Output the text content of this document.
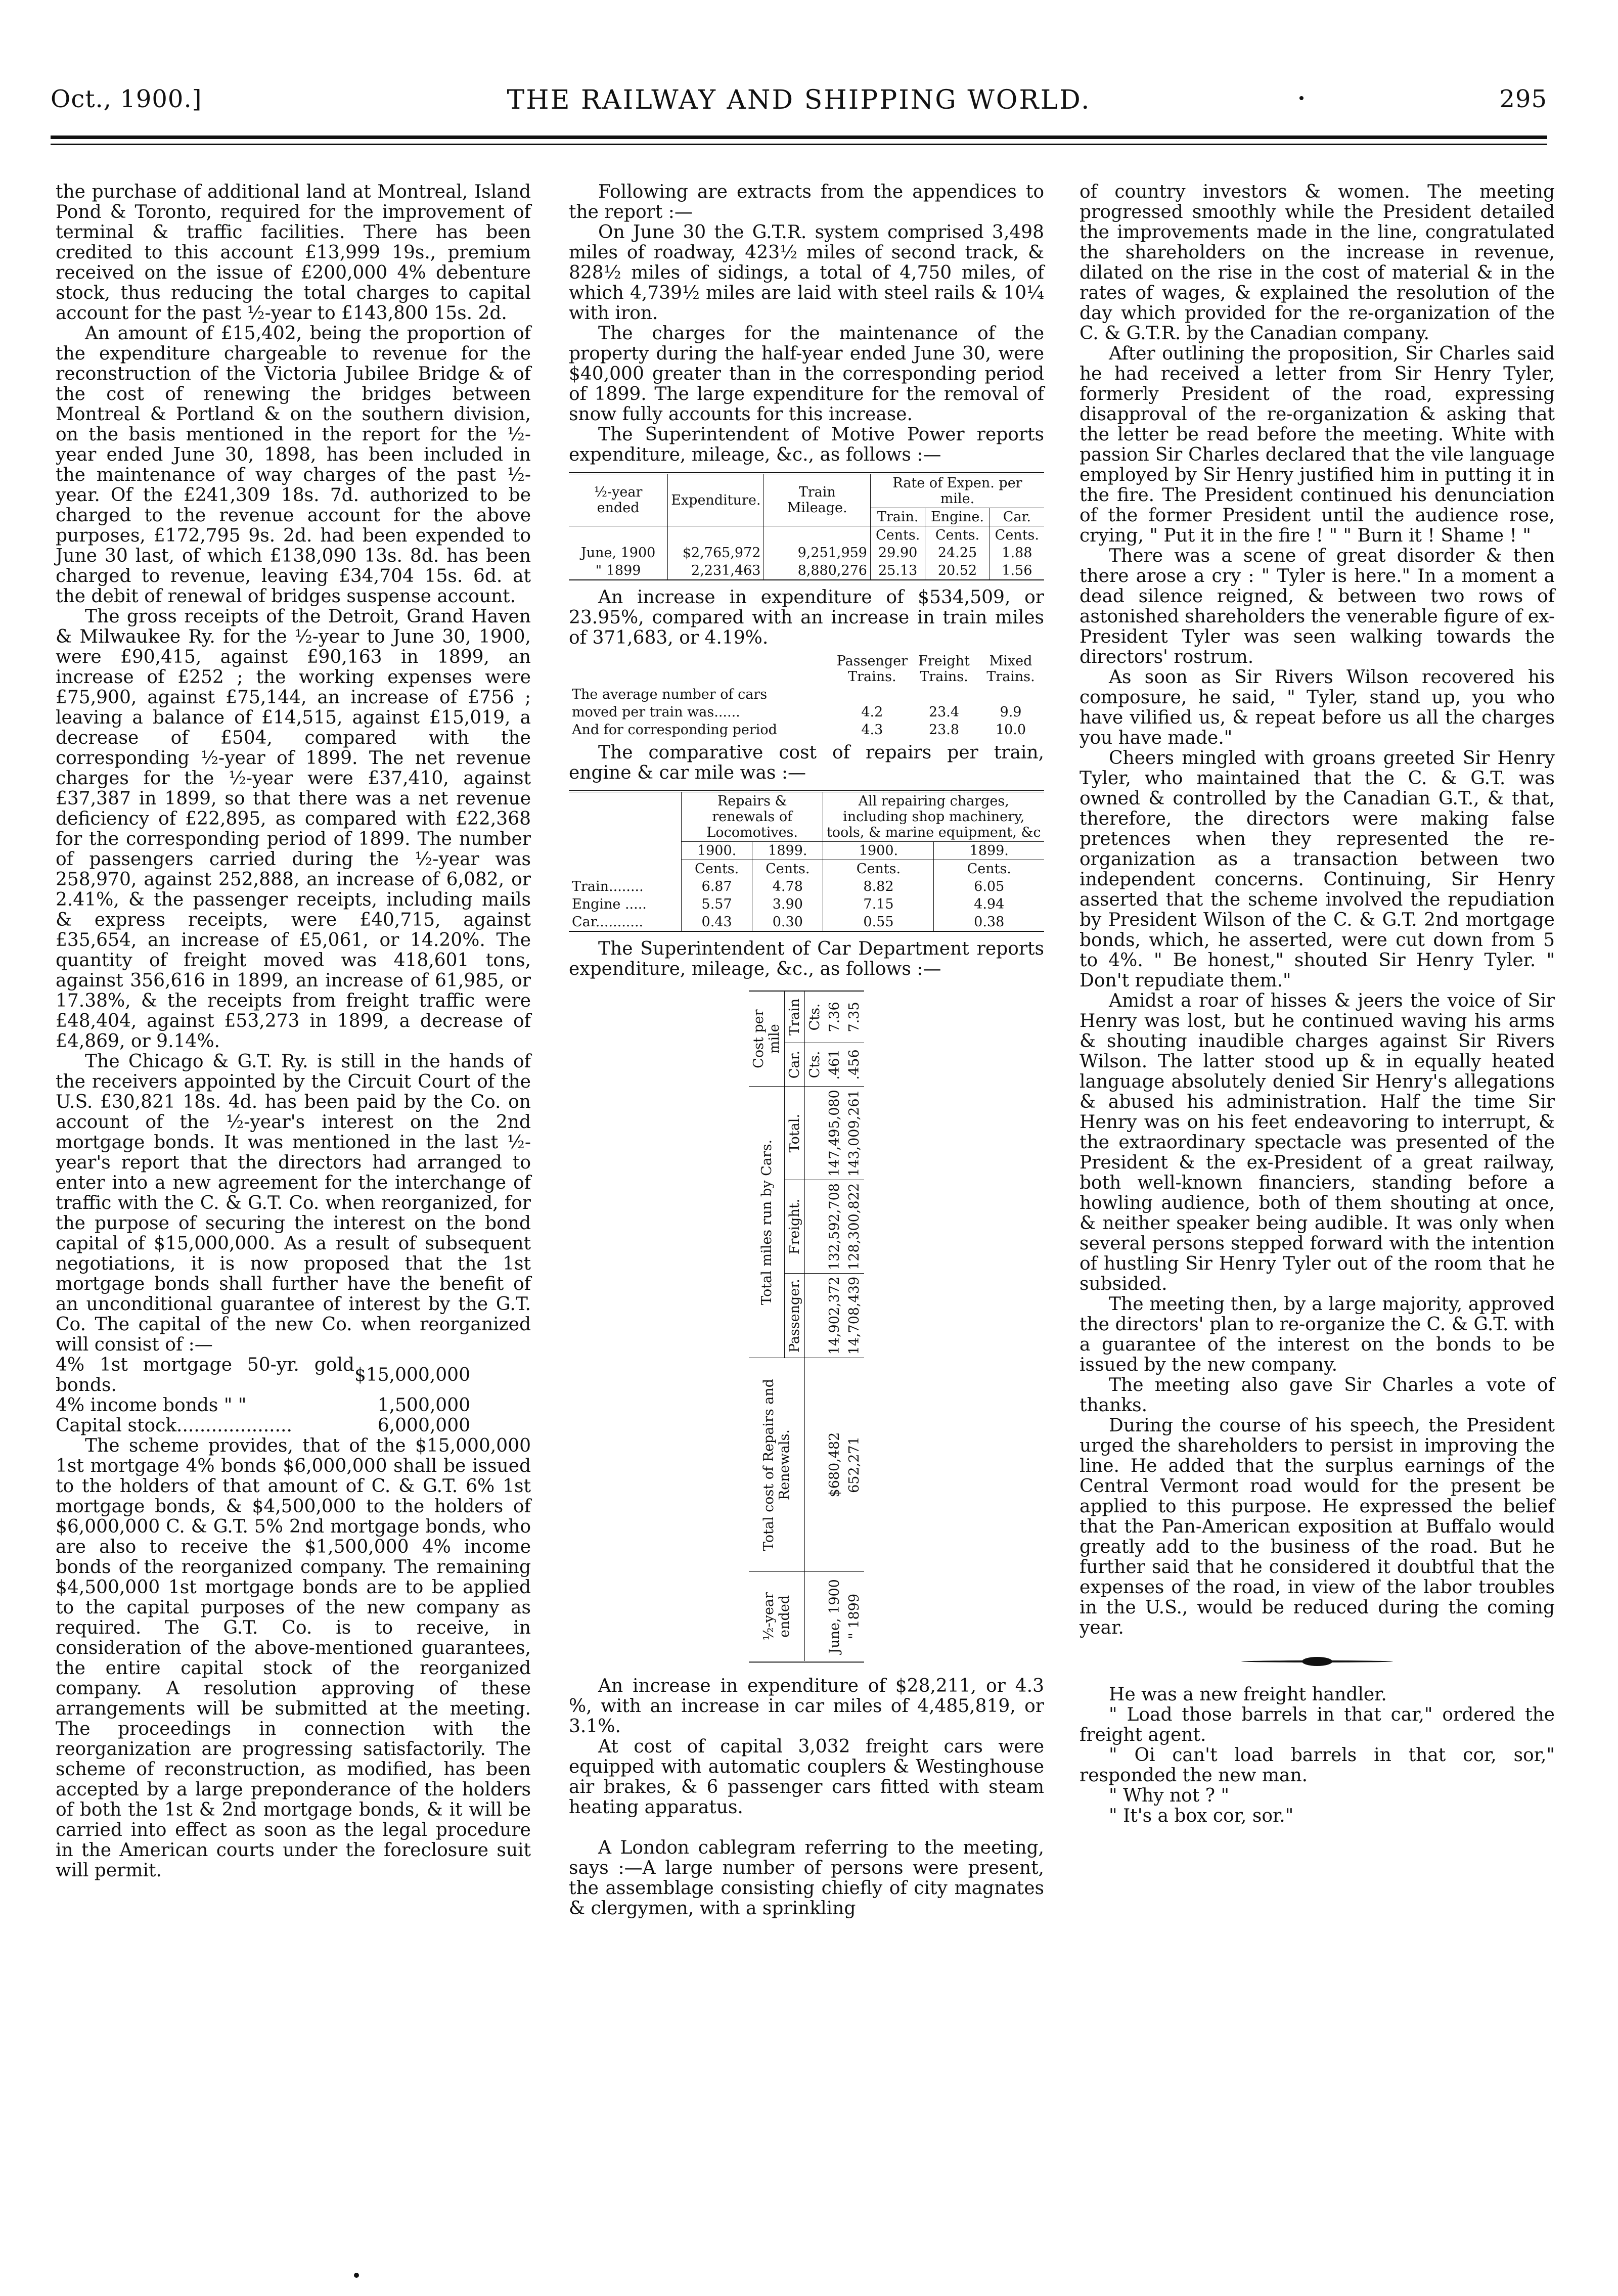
Oct., 1900.]	THE RAILWAY AND SHIPPING WORLD.	295

the purchase of additional land at Montreal, Island Pond & Toronto, required for the improvement of terminal & traffic facilities. There has been credited to this account £13,999 19s., premium received on the issue of £200,000 4% debenture stock, thus reducing the total charges to capital account for the past ½-year to £143,800 15s. 2d.

An amount of £15,402, being the proportion of the expenditure chargeable to revenue for the reconstruction of the Victoria Jubilee Bridge & of the cost of renewing the bridges between Montreal & Portland & on the southern division, on the basis mentioned in the report for the ½-year ended June 30, 1898, has been included in the maintenance of way charges of the past ½-year. Of the £241,309 18s. 7d. authorized to be charged to the revenue account for the above purposes, £172,795 9s. 2d. had been expended to June 30 last, of which £138,090 13s. 8d. has been charged to revenue, leaving £34,704 15s. 6d. at the debit of renewal of bridges suspense account.

The gross receipts of the Detroit, Grand Haven & Milwaukee Ry. for the ½-year to June 30, 1900, were £90,415, against £90,163 in 1899, an increase of £252 ; the working expenses were £75,900, against £75,144, an increase of £756 ; leaving a balance of £14,515, against £15,019, a decrease of £504, compared with the corresponding ½-year of 1899. The net revenue charges for the ½-year were £37,410, against £37,387 in 1899, so that there was a net revenue deficiency of £22,895, as compared with £22,368 for the corresponding period of 1899. The number of passengers carried during the ½-year was 258,970, against 252,888, an increase of 6,082, or 2.41%, & the passenger receipts, including mails & express receipts, were £40,715, against £35,654, an increase of £5,061, or 14.20%. The quantity of freight moved was 418,601 tons, against 356,616 in 1899, an increase of 61,985, or 17.38%, & the receipts from freight traffic were £48,404, against £53,273 in 1899, a decrease of £4,869, or 9.14%.

The Chicago & G.T. Ry. is still in the hands of the receivers appointed by the Circuit Court of the U.S. £30,821 18s. 4d. has been paid by the Co. on account of the ½-year's interest on the 2nd mortgage bonds. It was mentioned in the last ½-year's report that the directors had arranged to enter into a new agreement for the interchange of traffic with the C. & G.T. Co. when reorganized, for the purpose of securing the interest on the bond capital of $15,000,000. As a result of subsequent negotiations, it is now proposed that the 1st mortgage bonds shall further have the benefit of an unconditional guarantee of interest by the G.T. Co. The capital of the new Co. when reorganized will consist of :—

4% 1st mortgage 50-yr. gold bonds.	$15,000,000
4% income bonds " "	1,500,000
Capital stock....................	6,000,000

The scheme provides, that of the $15,000,000 1st mortgage 4% bonds $6,000,000 shall be issued to the holders of that amount of C. & G.T. 6% 1st mortgage bonds, & $4,500,000 to the holders of $6,000,000 C. & G.T. 5% 2nd mortgage bonds, who are also to receive the $1,500,000 4% income bonds of the reorganized company. The remaining $4,500,000 1st mortgage bonds are to be applied to the capital purposes of the new company as required. The G.T. Co. is to receive, in consideration of the above-mentioned guarantees, the entire capital stock of the reorganized company. A resolution approving of these arrangements will be submitted at the meeting. The proceedings in connection with the reorganization are progressing satisfactorily. The scheme of reconstruction, as modified, has been accepted by a large preponderance of the holders of both the 1st & 2nd mortgage bonds, & it will be carried into effect as soon as the legal procedure in the American courts under the foreclosure suit will permit.

Following are extracts from the appendices to the report :—

On June 30 the G.T.R. system comprised 3,498 miles of roadway, 423½ miles of second track, & 828½ miles of sidings, a total of 4,750 miles, of which 4,739½ miles are laid with steel rails & 10¼ with iron.

The charges for the maintenance of the property during the half-year ended June 30, were $40,000 greater than in the corresponding period of 1899. The large expenditure for the removal of snow fully accounts for this increase.

The Superintendent of Motive Power reports expenditure, mileage, &c., as follows :—

½-year ended	Expenditure.	Train Mileage.	Rate of Expen. per mile.		
			Train.	Engine.	Car.
			Cents.	Cents.	Cents.
June, 1900	$2,765,972	9,251,959	29.90	24.25	1.88
" 1899	2,231,463	8,880,276	25.13	20.52	1.56

An increase in expenditure of $534,509, or 23.95%, compared with an increase in train miles of 371,683, or 4.19%.

	Passenger Trains.	Freight Trains.	Mixed Trains.
The average number of cars			
moved per train was......	4.2	23.4	9.9
And for corresponding period	4.3	23.8	10.0

The comparative cost of repairs per train, engine & car mile was :—

	Repairs & renewals of Locomotives.		All repairing charges, including shop machinery, tools, & marine equipment, &c	
	1900.	1899.	1900.	1899.
	Cents.	Cents.	Cents.	Cents.
Train........	6.87	4.78	8.82	6.05
Engine .....	5.57	3.90	7.15	4.94
Car...........	0.43	0.30	0.55	0.38

The Superintendent of Car Department reports expenditure, mileage, &c., as follows :—

½-year ended	Total cost of Repairs and Renewals.	Total miles run by Cars.			Cost per mile	
		Passenger.	Freight.	Total.	Car.	Train
					Cts.	Cts.
June, 1900	$680,482	14,902,372	132,592,708	147,495,080	.461	7.36
" 1899	652,271	14,708,439	128,300,822	143,009,261	.456	7.35

An increase in expenditure of $28,211, or 4.3 %, with an increase in car miles of 4,485,819, or 3.1%.

At cost of capital 3,032 freight cars were equipped with automatic couplers & Westinghouse air brakes, & 6 passenger cars fitted with steam heating apparatus.

A London cablegram referring to the meeting, says :—A large number of persons were present, the assemblage consisting chiefly of city magnates & clergymen, with a sprinkling

of country investors & women. The meeting progressed smoothly while the President detailed the improvements made in the line, congratulated the shareholders on the increase in revenue, dilated on the rise in the cost of material & in the rates of wages, & explained the resolution of the day which provided for the re-organization of the C. & G.T.R. by the Canadian company.

After outlining the proposition, Sir Charles said he had received a letter from Sir Henry Tyler, formerly President of the road, expressing disapproval of the re-organization & asking that the letter be read before the meeting. White with passion Sir Charles declared that the vile language employed by Sir Henry justified him in putting it in the fire. The President continued his denunciation of the former President until the audience rose, crying, " Put it in the fire ! " " Burn it ! Shame ! "

There was a scene of great disorder & then there arose a cry : " Tyler is here." In a moment a dead silence reigned, & between two rows of astonished shareholders the venerable figure of ex-President Tyler was seen walking towards the directors' rostrum.

As soon as Sir Rivers Wilson recovered his composure, he said, " Tyler, stand up, you who have vilified us, & repeat before us all the charges you have made."

Cheers mingled with groans greeted Sir Henry Tyler, who maintained that the C. & G.T. was owned & controlled by the Canadian G.T., & that, therefore, the directors were making false pretences when they represented the re-organization as a transaction between two independent concerns. Continuing, Sir Henry asserted that the scheme involved the repudiation by President Wilson of the C. & G.T. 2nd mortgage bonds, which, he asserted, were cut down from 5 to 4%. " Be honest," shouted Sir Henry Tyler. " Don't repudiate them."

Amidst a roar of hisses & jeers the voice of Sir Henry was lost, but he continued waving his arms & shouting inaudible charges against Sir Rivers Wilson. The latter stood up & in equally heated language absolutely denied Sir Henry's allegations & abused his administration. Half the time Sir Henry was on his feet endeavoring to interrupt, & the extraordinary spectacle was presented of the President & the ex-President of a great railway, both well-known financiers, standing before a howling audience, both of them shouting at once, & neither speaker being audible. It was only when several persons stepped forward with the intention of hustling Sir Henry Tyler out of the room that he subsided.

The meeting then, by a large majority, approved the directors' plan to re-organize the C. & G.T. with a guarantee of the interest on the bonds to be issued by the new company.

The meeting also gave Sir Charles a vote of thanks.

During the course of his speech, the President urged the shareholders to persist in improving the line. He added that the surplus earnings of the Central Vermont road would for the present be applied to this purpose. He expressed the belief that the Pan-American exposition at Buffalo would greatly add to the business of the road. But he further said that he considered it doubtful that the expenses of the road, in view of the labor troubles in the U.S., would be reduced during the coming year.

He was a new freight handler.

" Load those barrels in that car," ordered the freight agent.

" Oi can't load barrels in that cor, sor," responded the new man.

" Why not ? "

" It's a box cor, sor."
